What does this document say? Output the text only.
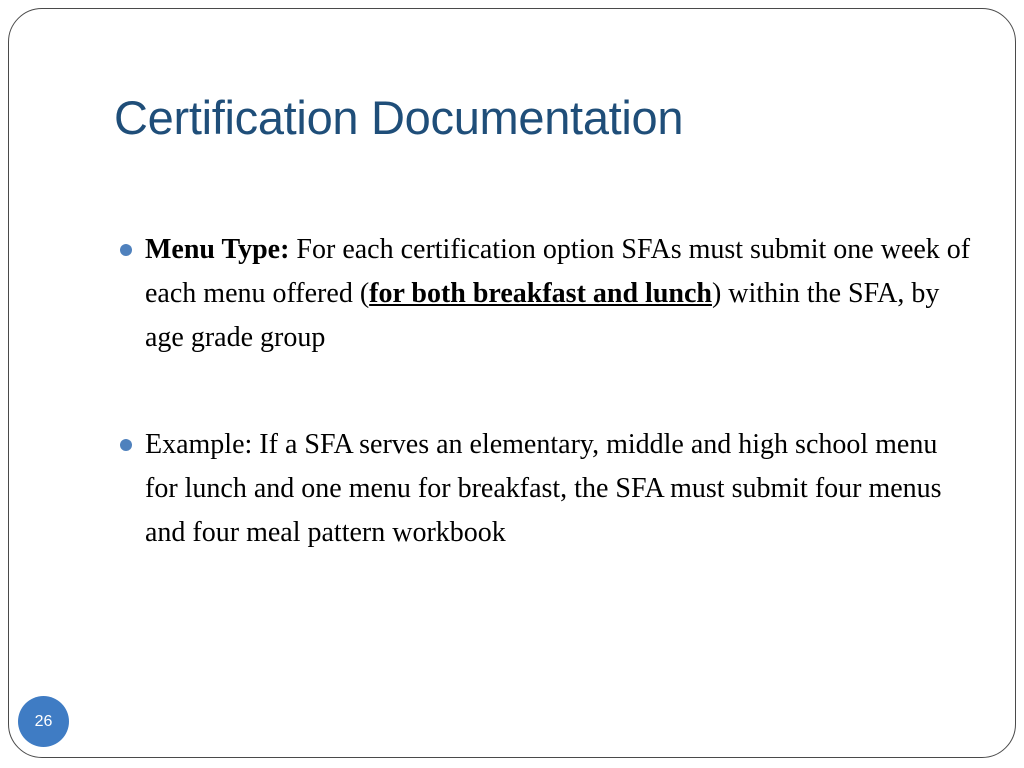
Certification Documentation
Menu Type: For each certification option SFAs must submit one week of each menu offered (for both breakfast and lunch) within the SFA, by age grade group
Example: If a SFA serves an elementary, middle and high school menu for lunch and one menu for breakfast, the SFA must submit four menus and four meal pattern workbook
26
